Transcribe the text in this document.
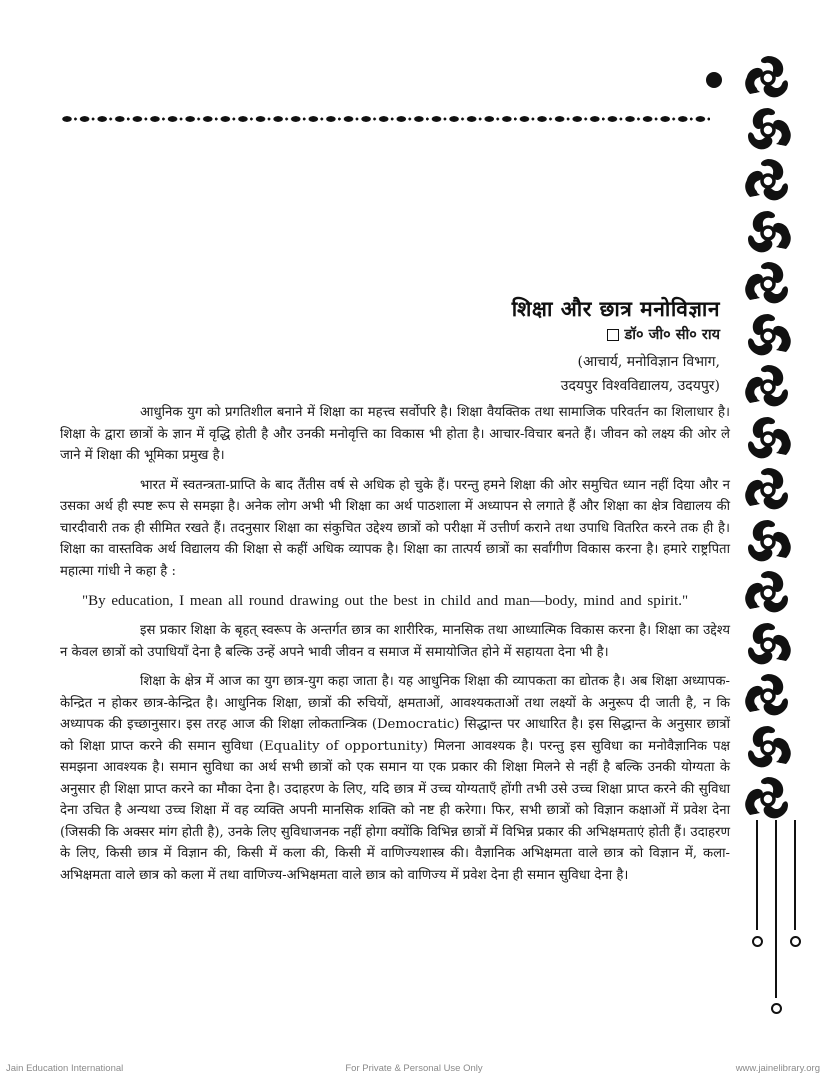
शिक्षा और छात्र मनोविज्ञान
डॉ० जी० सी० राय
(आचार्य, मनोविज्ञान विभाग,
उदयपुर विश्वविद्यालय, उदयपुर)

आधुनिक युग को प्रगतिशील बनाने में शिक्षा का महत्त्व सर्वोपरि है। शिक्षा वैयक्तिक तथा सामाजिक परिवर्तन का शिलाधार है। शिक्षा के द्वारा छात्रों के ज्ञान में वृद्धि होती है और उनकी मनोवृत्ति का विकास भी होता है। आचार-विचार बनते हैं। जीवन को लक्ष्य की ओर ले जाने में शिक्षा की भूमिका प्रमुख है।

भारत में स्वतन्त्रता-प्राप्ति के बाद तैंतीस वर्ष से अधिक हो चुके हैं। परन्तु हमने शिक्षा की ओर समुचित ध्यान नहीं दिया और न उसका अर्थ ही स्पष्ट रूप से समझा है। अनेक लोग अभी भी शिक्षा का अर्थ पाठशाला में अध्यापन से लगाते हैं और शिक्षा का क्षेत्र विद्यालय की चारदीवारी तक ही सीमित रखते हैं। तदनुसार शिक्षा का संकुचित उद्देश्य छात्रों को परीक्षा में उत्तीर्ण कराने तथा उपाधि वितरित करने तक ही है। शिक्षा का वास्तविक अर्थ विद्यालय की शिक्षा से कहीं अधिक व्यापक है। शिक्षा का तात्पर्य छात्रों का सर्वांगीण विकास करना है। हमारे राष्ट्रपिता महात्मा गांधी ने कहा है :

"By education, I mean all round drawing out the best in child and man—body, mind and spirit."

इस प्रकार शिक्षा के बृहत् स्वरूप के अन्तर्गत छात्र का शारीरिक, मानसिक तथा आध्यात्मिक विकास करना है। शिक्षा का उद्देश्य न केवल छात्रों को उपाधियाँ देना है बल्कि उन्हें अपने भावी जीवन व समाज में समायोजित होने में सहायता देना भी है।

शिक्षा के क्षेत्र में आज का युग छात्र-युग कहा जाता है। यह आधुनिक शिक्षा की व्यापकता का द्योतक है। अब शिक्षा अध्यापक-केन्द्रित न होकर छात्र-केन्द्रित है। आधुनिक शिक्षा, छात्रों की रुचियों, क्षमताओं, आवश्यकताओं तथा लक्ष्यों के अनुरूप दी जाती है, न कि अध्यापक की इच्छानुसार। इस तरह आज की शिक्षा लोकतान्त्रिक (Democratic) सिद्धान्त पर आधारित है। इस सिद्धान्त के अनुसार छात्रों को शिक्षा प्राप्त करने की समान सुविधा (Equality of opportunity) मिलना आवश्यक है। परन्तु इस सुविधा का मनोवैज्ञानिक पक्ष समझना आवश्यक है। समान सुविधा का अर्थ सभी छात्रों को एक समान या एक प्रकार की शिक्षा मिलने से नहीं है बल्कि उनकी योग्यता के अनुसार ही शिक्षा प्राप्त करने का मौका देना है। उदाहरण के लिए, यदि छात्र में उच्च योग्यताएँ होंगी तभी उसे उच्च शिक्षा प्राप्त करने की सुविधा देना उचित है अन्यथा उच्च शिक्षा में वह व्यक्ति अपनी मानसिक शक्ति को नष्ट ही करेगा। फिर, सभी छात्रों को विज्ञान कक्षाओं में प्रवेश देना (जिसकी कि अक्सर मांग होती है), उनके लिए सुविधाजनक नहीं होगा क्योंकि विभिन्न छात्रों में विभिन्न प्रकार की अभिक्षमताएं होती हैं। उदाहरण के लिए, किसी छात्र में विज्ञान की, किसी में कला की, किसी में वाणिज्यशास्त्र की। वैज्ञानिक अभिक्षमता वाले छात्र को विज्ञान में, कला-अभिक्षमता वाले छात्र को कला में तथा वाणिज्य-अभिक्षमता वाले छात्र को वाणिज्य में प्रवेश देना ही समान सुविधा देना है।

Jain Education International	For Private & Personal Use Only	www.jainelibrary.org
